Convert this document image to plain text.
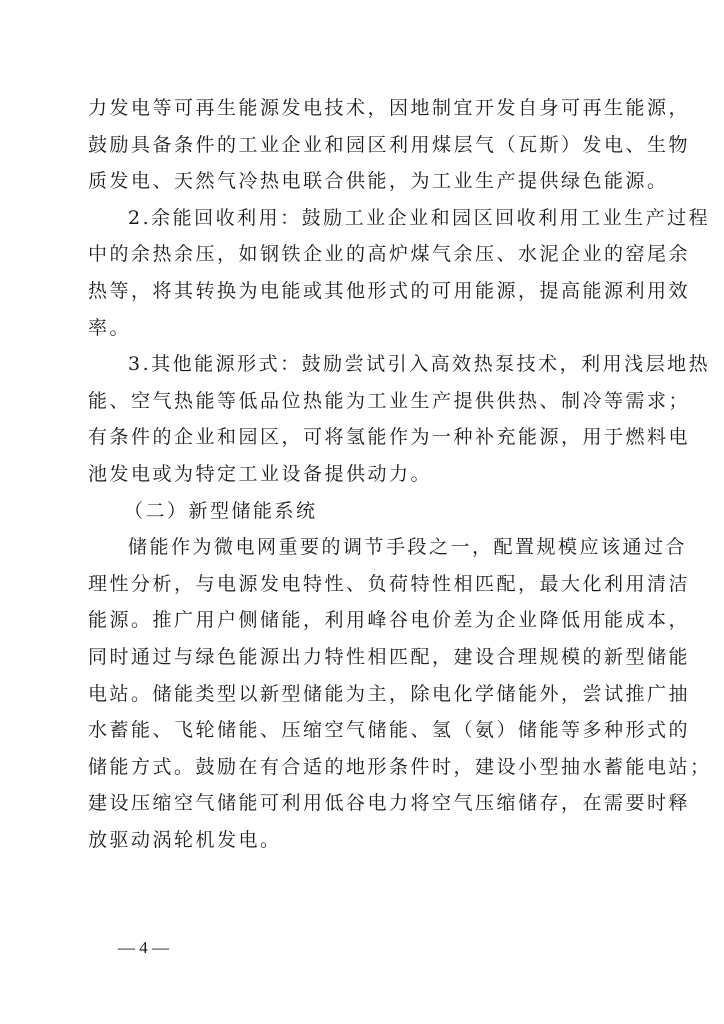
力发电等可再生能源发电技术，因地制宜开发自身可再生能源，
鼓励具备条件的工业企业和园区利用煤层气（瓦斯）发电、生物
质发电、天然气冷热电联合供能，为工业生产提供绿色能源。
2.余能回收利用：鼓励工业企业和园区回收利用工业生产过程
中的余热余压，如钢铁企业的高炉煤气余压、水泥企业的窑尾余
热等，将其转换为电能或其他形式的可用能源，提高能源利用效
率。
3.其他能源形式：鼓励尝试引入高效热泵技术，利用浅层地热
能、空气热能等低品位热能为工业生产提供供热、制冷等需求；
有条件的企业和园区，可将氢能作为一种补充能源，用于燃料电
池发电或为特定工业设备提供动力。
（二）新型储能系统
储能作为微电网重要的调节手段之一，配置规模应该通过合
理性分析，与电源发电特性、负荷特性相匹配，最大化利用清洁
能源。推广用户侧储能，利用峰谷电价差为企业降低用能成本，
同时通过与绿色能源出力特性相匹配，建设合理规模的新型储能
电站。储能类型以新型储能为主，除电化学储能外，尝试推广抽
水蓄能、飞轮储能、压缩空气储能、氢（氨）储能等多种形式的
储能方式。鼓励在有合适的地形条件时，建设小型抽水蓄能电站；
建设压缩空气储能可利用低谷电力将空气压缩储存，在需要时释
放驱动涡轮机发电。
— 4 —
